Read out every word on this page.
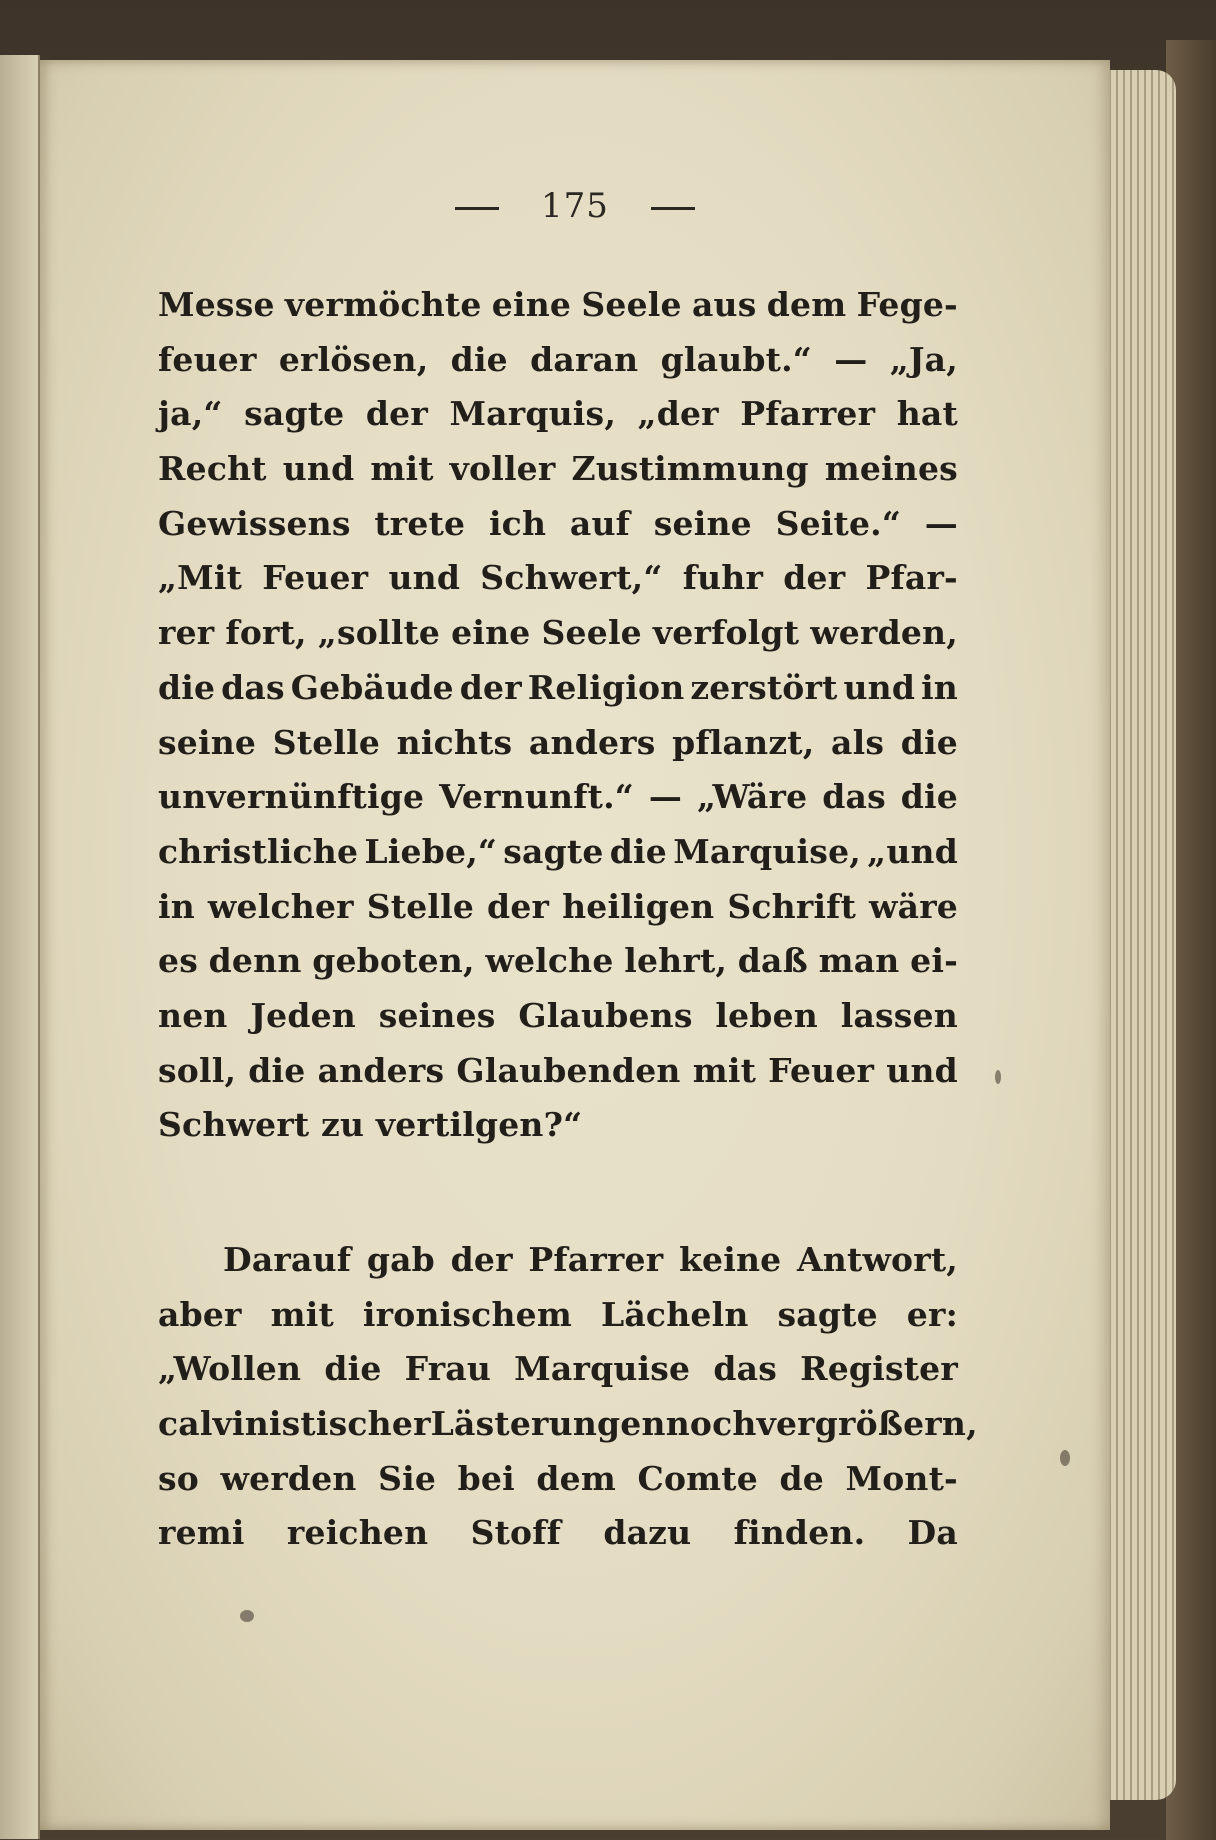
175
Messe vermöchte eine Seele aus dem Fege-
feuer erlösen, die daran glaubt.“ — „Ja,
ja,“ sagte der Marquis, „der Pfarrer hat
Recht und mit voller Zustimmung meines
Gewissens trete ich auf seine Seite.“ —
„Mit Feuer und Schwert,“ fuhr der Pfar-
rer fort, „sollte eine Seele verfolgt werden,
die das Gebäude der Religion zerstört und in
seine Stelle nichts anders pflanzt, als die
unvernünftige Vernunft.“ — „Wäre das die
christliche Liebe,“ sagte die Marquise, „und
in welcher Stelle der heiligen Schrift wäre
es denn geboten, welche lehrt, daß man ei-
nen Jeden seines Glaubens leben lassen
soll, die anders Glaubenden mit Feuer und
Schwert zu vertilgen?“
Darauf gab der Pfarrer keine Antwort,
aber mit ironischem Lächeln sagte er:
„Wollen die Frau Marquise das Register
calvinistischer Lästerungen noch vergrößern,
so werden Sie bei dem Comte de Mont-
remi reichen Stoff dazu finden. Da
